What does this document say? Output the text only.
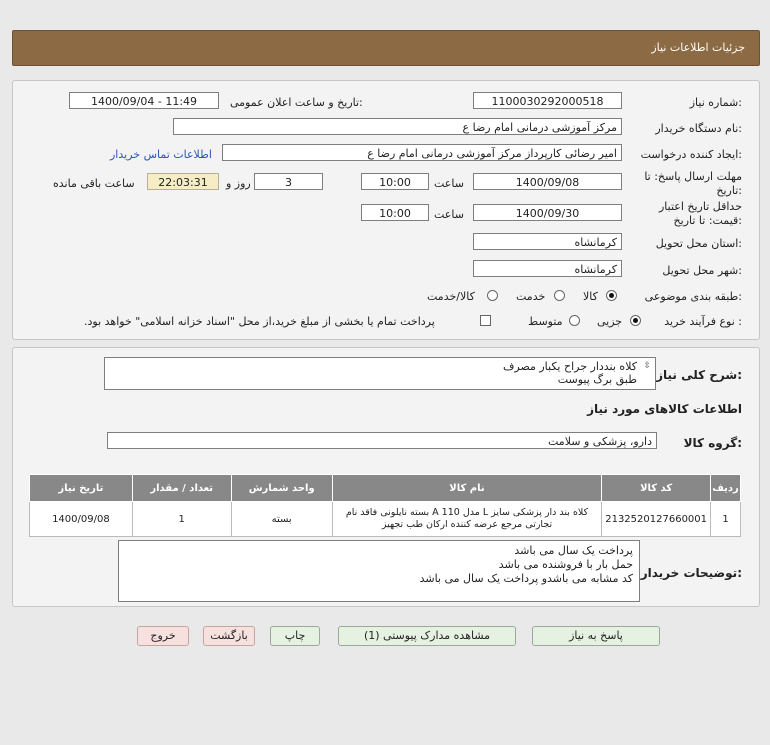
جزئیات اطلاعات نیاز
شماره نیاز:
1100030292000518
تاریخ و ساعت اعلان عمومی:
1400/09/04 - 11:49
نام دستگاه خریدار:
مرکز آموزشی درمانی امام رضا ع
ایجاد کننده درخواست:
امیر رضائی کارپرداز مرکز آموزشی درمانی امام رضا ع
اطلاعات تماس خریدار
مهلت ارسال پاسخ: تا
تاریخ:
1400/09/08
ساعت
10:00
3
روز و
22:03:31
ساعت باقی مانده
حداقل تاریخ اعتبار
قیمت: تا تاریخ:
1400/09/30
ساعت
10:00
استان محل تحویل:
کرمانشاه
شهر محل تحویل:
کرمانشاه
طبقه بندی موضوعی:
کالا
خدمت
کالا/خدمت
نوع فرآیند خرید :
جزیی
متوسط
پرداخت تمام یا بخشی از مبلغ خرید،از محل "اسناد خزانه اسلامی" خواهد بود.
شرح کلی نیاز:
کلاه بنددار جراح یکبار مصرف
طبق برگ پیوست
⇳
اطلاعات کالاهای مورد نیاز
گروه کالا:
دارو، پزشکی و سلامت
ردیف	کد کالا	نام کالا	واحد شمارش	تعداد / مقدار	تاریخ نیاز
1	2132520127660001	کلاه بند دار پزشکی سایز L مدل A 110 بسته نایلونی فاقد نام تجارتی مرجع عرضه کننده ارکان طب تجهیز	بسته	1	1400/09/08
توضیحات خریدار:
پرداخت یک سال می باشد
حمل بار با فروشنده می باشد
کد مشابه می باشدو پرداخت یک سال می باشد
پاسخ به نیاز
مشاهده مدارک پیوستی (1)
چاپ
بازگشت
خروج
